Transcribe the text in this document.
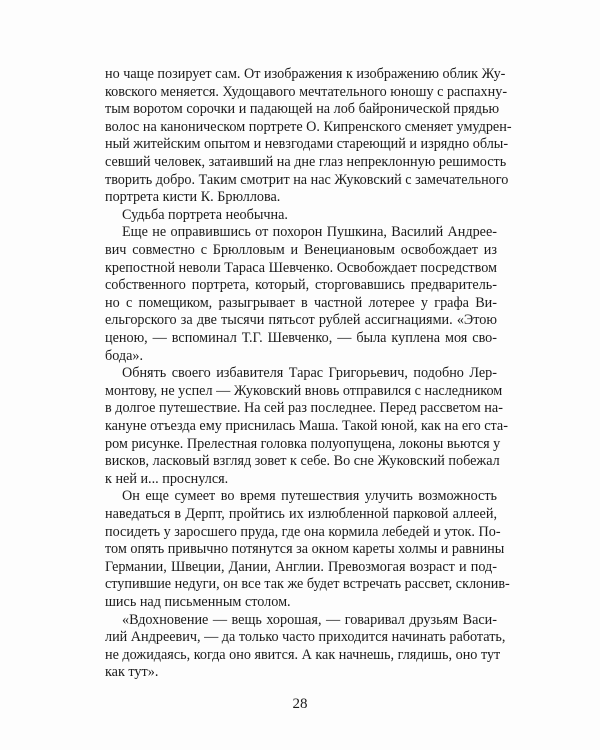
но чаще позирует сам. От изображения к изображению облик Жу-
ковского меняется. Худощавого мечтательного юношу с распахну-
тым воротом сорочки и падающей на лоб байронической прядью
волос на каноническом портрете О. Кипренского сменяет умудрен-
ный житейским опытом и невзгодами стареющий и изрядно облы-
севший человек, затаивший на дне глаз непреклонную решимость
творить добро. Таким смотрит на нас Жуковский с замечательного
портрета кисти К. Брюллова.
Судьба портрета необычна.
Еще не оправившись от похорон Пушкина, Василий Андрее-
вич совместно с Брюлловым и Венециановым освобождает из
крепостной неволи Тараса Шевченко. Освобождает посредством
собственного портрета, который, сторговавшись предваритель-
но с помещиком, разыгрывает в частной лотерее у графа Ви-
ельгорского за две тысячи пятьсот рублей ассигнациями. «Этою
ценою, — вспоминал Т.Г. Шевченко, — была куплена моя сво-
бода».
Обнять своего избавителя Тарас Григорьевич, подобно Лер-
монтову, не успел — Жуковский вновь отправился с наследником
в долгое путешествие. На сей раз последнее. Перед рассветом на-
кануне отъезда ему приснилась Маша. Такой юной, как на его ста-
ром рисунке. Прелестная головка полуопущена, локоны вьются у
висков, ласковый взгляд зовет к себе. Во сне Жуковский побежал
к ней и... проснулся.
Он еще сумеет во время путешествия улучить возможность
наведаться в Дерпт, пройтись их излюбленной парковой аллеей,
посидеть у заросшего пруда, где она кормила лебедей и уток. По-
том опять привычно потянутся за окном кареты холмы и равнины
Германии, Швеции, Дании, Англии. Превозмогая возраст и под-
ступившие недуги, он все так же будет встречать рассвет, склонив-
шись над письменным столом.
«Вдохновение — вещь хорошая, — говаривал друзьям Васи-
лий Андреевич, — да только часто приходится начинать работать,
не дожидаясь, когда оно явится. А как начнешь, глядишь, оно тут
как тут».
28
